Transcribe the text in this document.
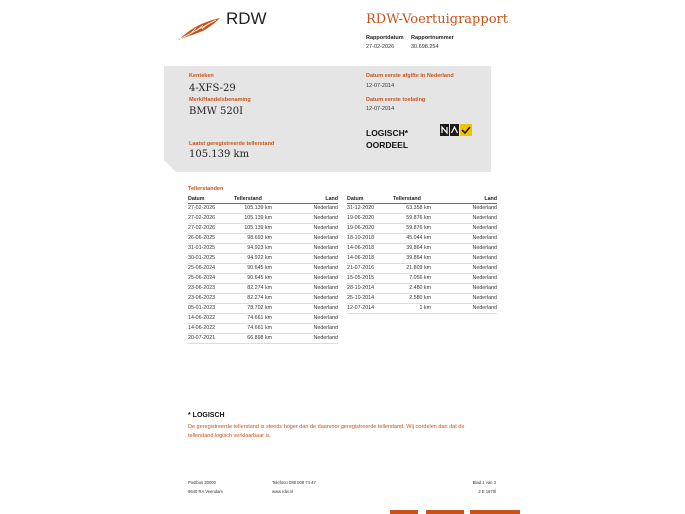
RDW	RDW-Voertuigrapport
Rapportdatum
27-02-2026
Rapportnummer
30.698.254
Kenteken
4-XFS-29
Merk/Handelsbenaming
BMW 520I
Laatst geregistreerde tellerstand
105.139 km
Datum eerste afgifte in Nederland
12-07-2014
Datum eerste toelating
12-07-2014
LOGISCH*
OORDEEL
Tellerstanden
Datum	Tellerstand	Land
27-02-2026	105.139 km	Nederland
27-02-2026	105.139 km	Nederland
27-02-2026	105.139 km	Nederland
26-06-2025	98.693 km	Nederland
31-01-2025	94.923 km	Nederland
30-01-2025	94.922 km	Nederland
25-06-2024	90.645 km	Nederland
25-06-2024	90.645 km	Nederland
23-06-2023	82.274 km	Nederland
23-06-2023	82.274 km	Nederland
05-01-2023	78.702 km	Nederland
14-06-2022	74.661 km	Nederland
14-06-2022	74.661 km	Nederland
20-07-2021	66.898 km	Nederland
Datum	Tellerstand	Land
31-12-2020	63.358 km	Nederland
19-06-2020	59.876 km	Nederland
19-06-2020	59.876 km	Nederland
18-10-2018	45.044 km	Nederland
14-06-2018	39.864 km	Nederland
14-06-2018	39.864 km	Nederland
21-07-2016	21.809 km	Nederland
15-05-2015	7.056 km	Nederland
28-10-2014	2.480 km	Nederland
25-10-2014	2.580 km	Nederland
12-07-2014	1 km	Nederland
* LOGISCH
De geregistreerde tellerstand is steeds hoger dan de daarvoor geregistreerde tellerstand. Wij oordelen dan dat de tellerstand logisch verklaarbaar is.
Postbus 30000
9640 RA Veendam
Telefoon 088 008 74 47
www.rdw.nl
Blad 1 van 3
3 E 1670l
